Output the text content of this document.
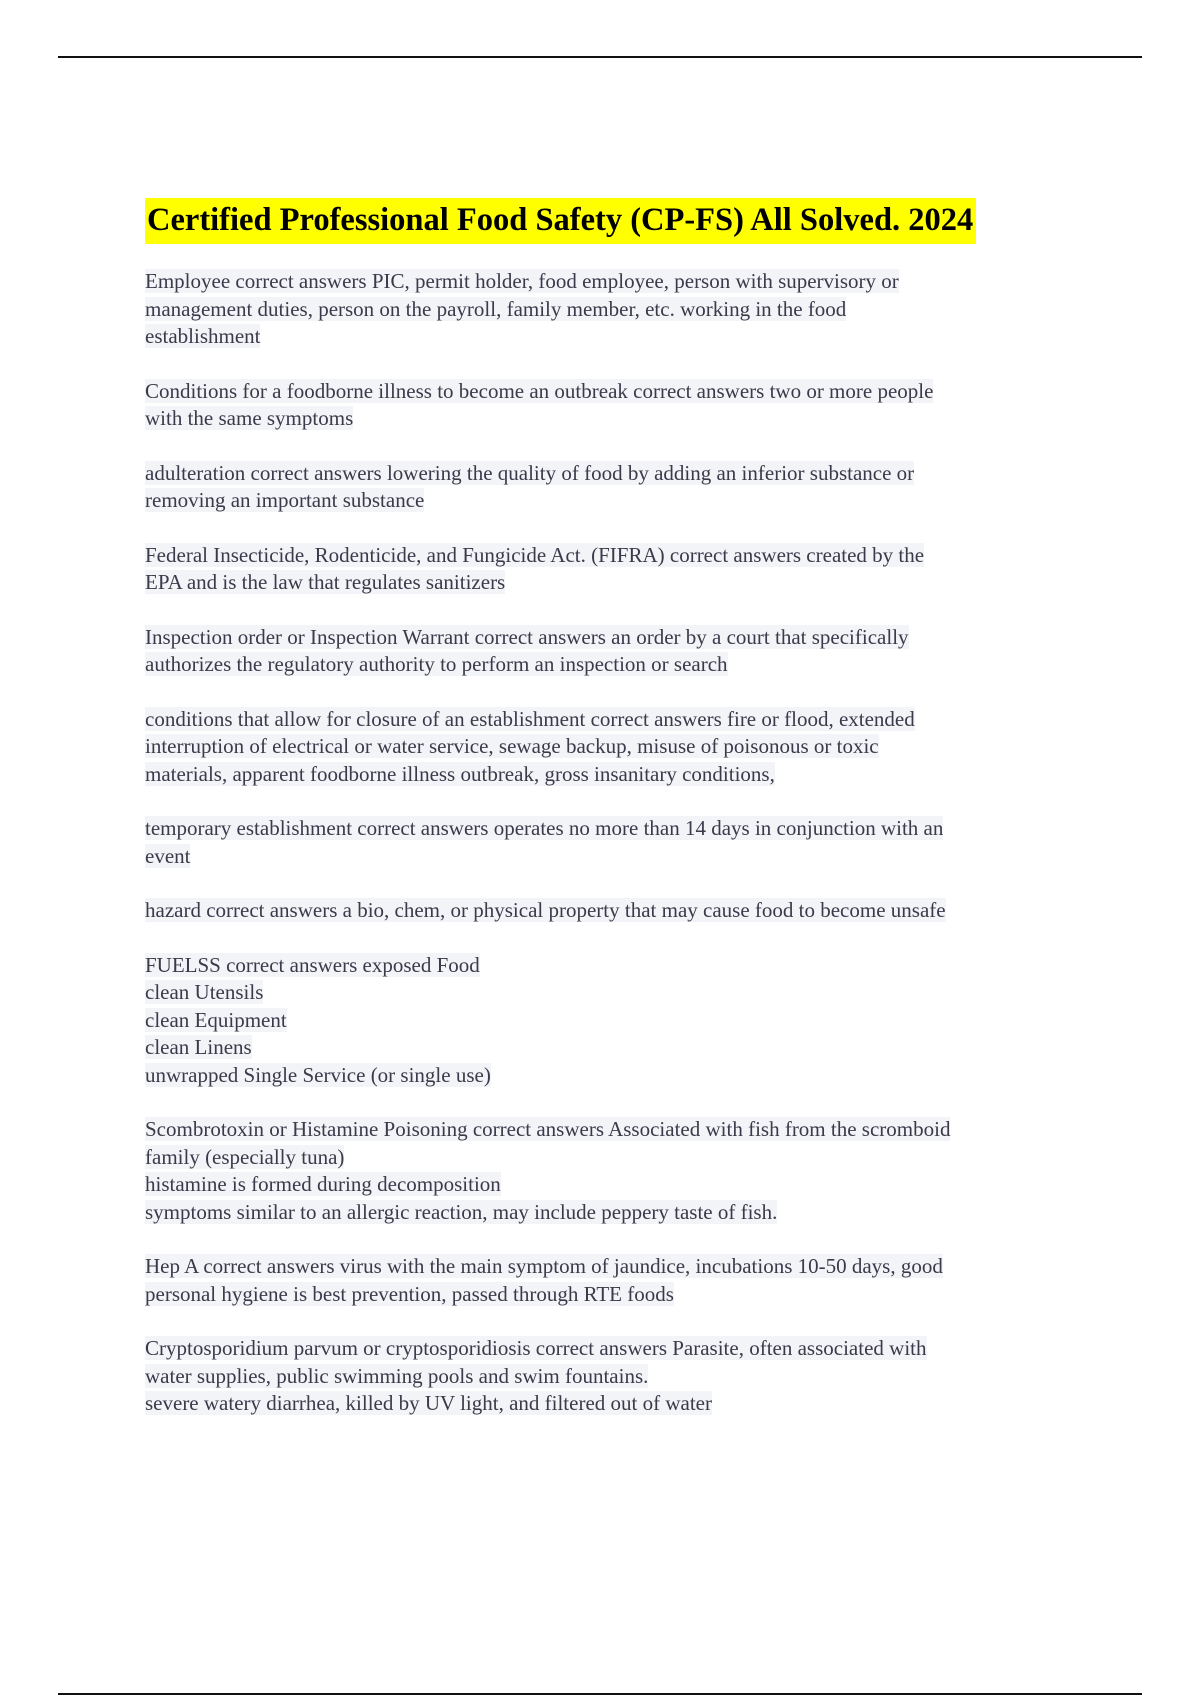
Certified Professional Food Safety (CP-FS) All Solved. 2024

Employee correct answers PIC, permit holder, food employee, person with supervisory or
management duties, person on the payroll, family member, etc. working in the food
establishment

Conditions for a foodborne illness to become an outbreak correct answers two or more people
with the same symptoms

adulteration correct answers lowering the quality of food by adding an inferior substance or
removing an important substance

Federal Insecticide, Rodenticide, and Fungicide Act. (FIFRA) correct answers created by the
EPA and is the law that regulates sanitizers

Inspection order or Inspection Warrant correct answers an order by a court that specifically
authorizes the regulatory authority to perform an inspection or search

conditions that allow for closure of an establishment correct answers fire or flood, extended
interruption of electrical or water service, sewage backup, misuse of poisonous or toxic
materials, apparent foodborne illness outbreak, gross insanitary conditions,

temporary establishment correct answers operates no more than 14 days in conjunction with an
event

hazard correct answers a bio, chem, or physical property that may cause food to become unsafe

FUELSS correct answers exposed Food
clean Utensils
clean Equipment
clean Linens
unwrapped Single Service (or single use)

Scombrotoxin or Histamine Poisoning correct answers Associated with fish from the scromboid
family (especially tuna)
histamine is formed during decomposition
symptoms similar to an allergic reaction, may include peppery taste of fish.

Hep A correct answers virus with the main symptom of jaundice, incubations 10-50 days, good
personal hygiene is best prevention, passed through RTE foods

Cryptosporidium parvum or cryptosporidiosis correct answers Parasite, often associated with
water supplies, public swimming pools and swim fountains.
severe watery diarrhea, killed by UV light, and filtered out of water
